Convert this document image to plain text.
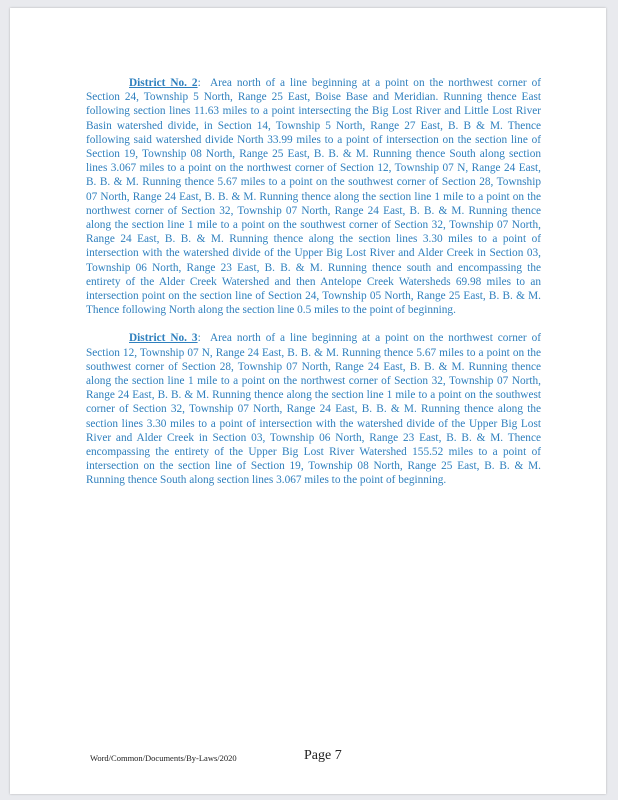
District No. 2:  Area north of a line beginning at a point on the northwest corner of Section 24, Township 5 North, Range 25 East, Boise Base and Meridian. Running thence East following section lines 11.63 miles to a point intersecting the Big Lost River and Little Lost River Basin watershed divide, in Section 14, Township 5 North, Range 27 East, B. B & M. Thence following said watershed divide North 33.99 miles to a point of intersection on the section line of Section 19, Township 08 North, Range 25 East, B. B. & M. Running thence South along section lines 3.067 miles to a point on the northwest corner of Section 12, Township 07 N, Range 24 East, B. B. & M. Running thence 5.67 miles to a point on the southwest corner of Section 28, Township 07 North, Range 24 East, B. B. & M. Running thence along the section line 1 mile to a point on the northwest corner of Section 32, Township 07 North, Range 24 East, B. B. & M. Running thence along the section line 1 mile to a point on the southwest corner of Section 32, Township 07 North, Range 24 East, B. B. & M. Running thence along the section lines 3.30 miles to a point of intersection with the watershed divide of the Upper Big Lost River and Alder Creek in Section 03, Township 06 North, Range 23 East, B. B. & M. Running thence south and encompassing the entirety of the Alder Creek Watershed and then Antelope Creek Watersheds 69.98 miles to an intersection point on the section line of Section 24, Township 05 North, Range 25 East, B. B. & M. Thence following North along the section line 0.5 miles to the point of beginning.

District No. 3:  Area north of a line beginning at a point on the northwest corner of Section 12, Township 07 N, Range 24 East, B. B. & M. Running thence 5.67 miles to a point on the southwest corner of Section 28, Township 07 North, Range 24 East, B. B. & M. Running thence along the section line 1 mile to a point on the northwest corner of Section 32, Township 07 North, Range 24 East, B. B. & M. Running thence along the section line 1 mile to a point on the southwest corner of Section 32, Township 07 North, Range 24 East, B. B. & M. Running thence along the section lines 3.30 miles to a point of intersection with the watershed divide of the Upper Big Lost River and Alder Creek in Section 03, Township 06 North, Range 23 East, B. B. & M. Thence encompassing the entirety of the Upper Big Lost River Watershed 155.52 miles to a point of intersection on the section line of Section 19, Township 08 North, Range 25 East, B. B. & M. Running thence South along section lines 3.067 miles to the point of beginning.

Word/Common/Documents/By-Laws/2020	Page 7
